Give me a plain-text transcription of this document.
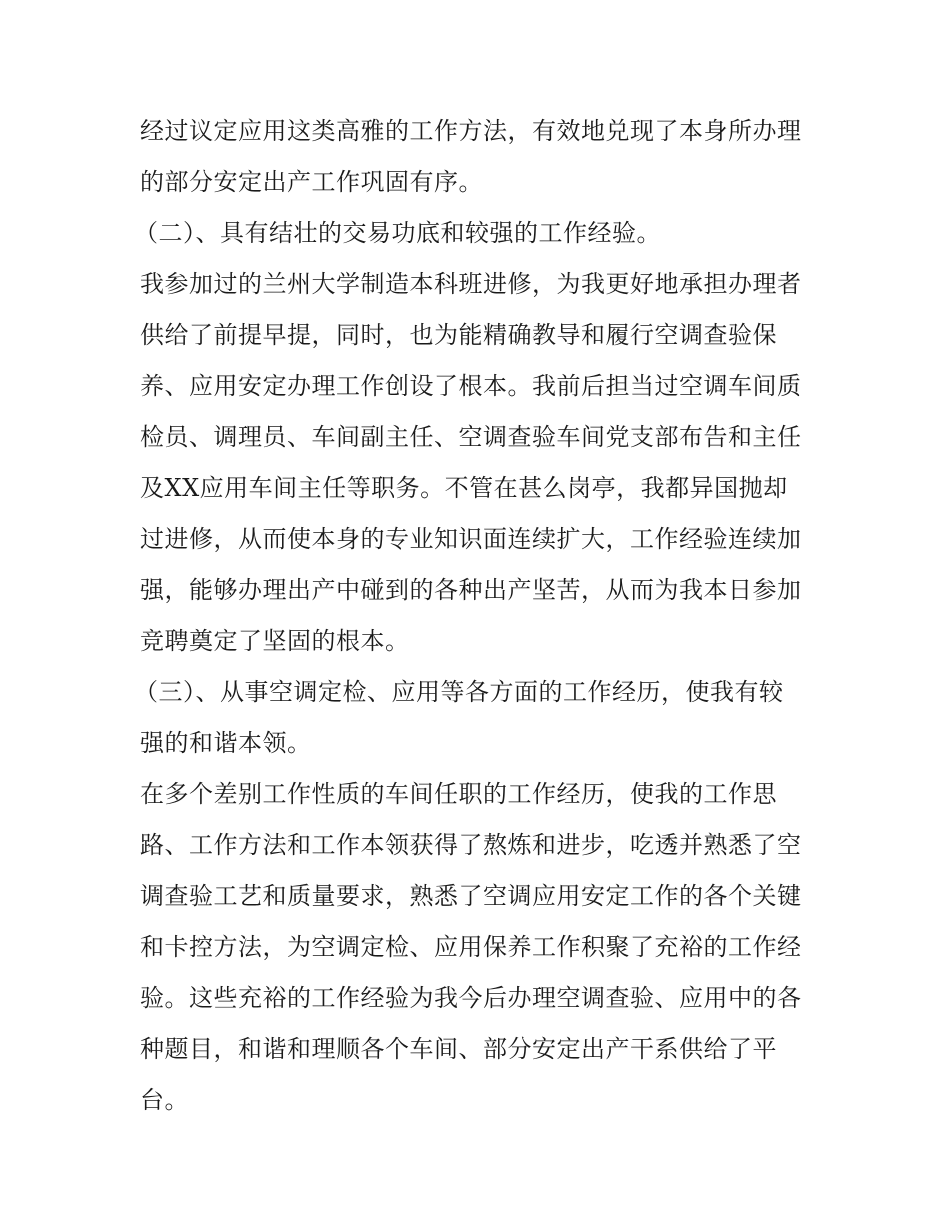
经过议定应用这类高雅的工作方法，有效地兑现了本身所办理
的部分安定出产工作巩固有序。
（二）、具有结壮的交易功底和较强的工作经验。
我参加过的兰州大学制造本科班进修，为我更好地承担办理者
供给了前提早提，同时，也为能精确教导和履行空调查验保
养、应用安定办理工作创设了根本。我前后担当过空调车间质
检员、调理员、车间副主任、空调查验车间党支部布告和主任
及XX应用车间主任等职务。不管在甚么岗亭，我都异国抛却
过进修，从而使本身的专业知识面连续扩大，工作经验连续加
强，能够办理出产中碰到的各种出产坚苦，从而为我本日参加
竞聘奠定了坚固的根本。
（三）、从事空调定检、应用等各方面的工作经历，使我有较
强的和谐本领。
在多个差别工作性质的车间任职的工作经历，使我的工作思
路、工作方法和工作本领获得了熬炼和进步，吃透并熟悉了空
调查验工艺和质量要求，熟悉了空调应用安定工作的各个关键
和卡控方法，为空调定检、应用保养工作积聚了充裕的工作经
验。这些充裕的工作经验为我今后办理空调查验、应用中的各
种题目，和谐和理顺各个车间、部分安定出产干系供给了平
台。
